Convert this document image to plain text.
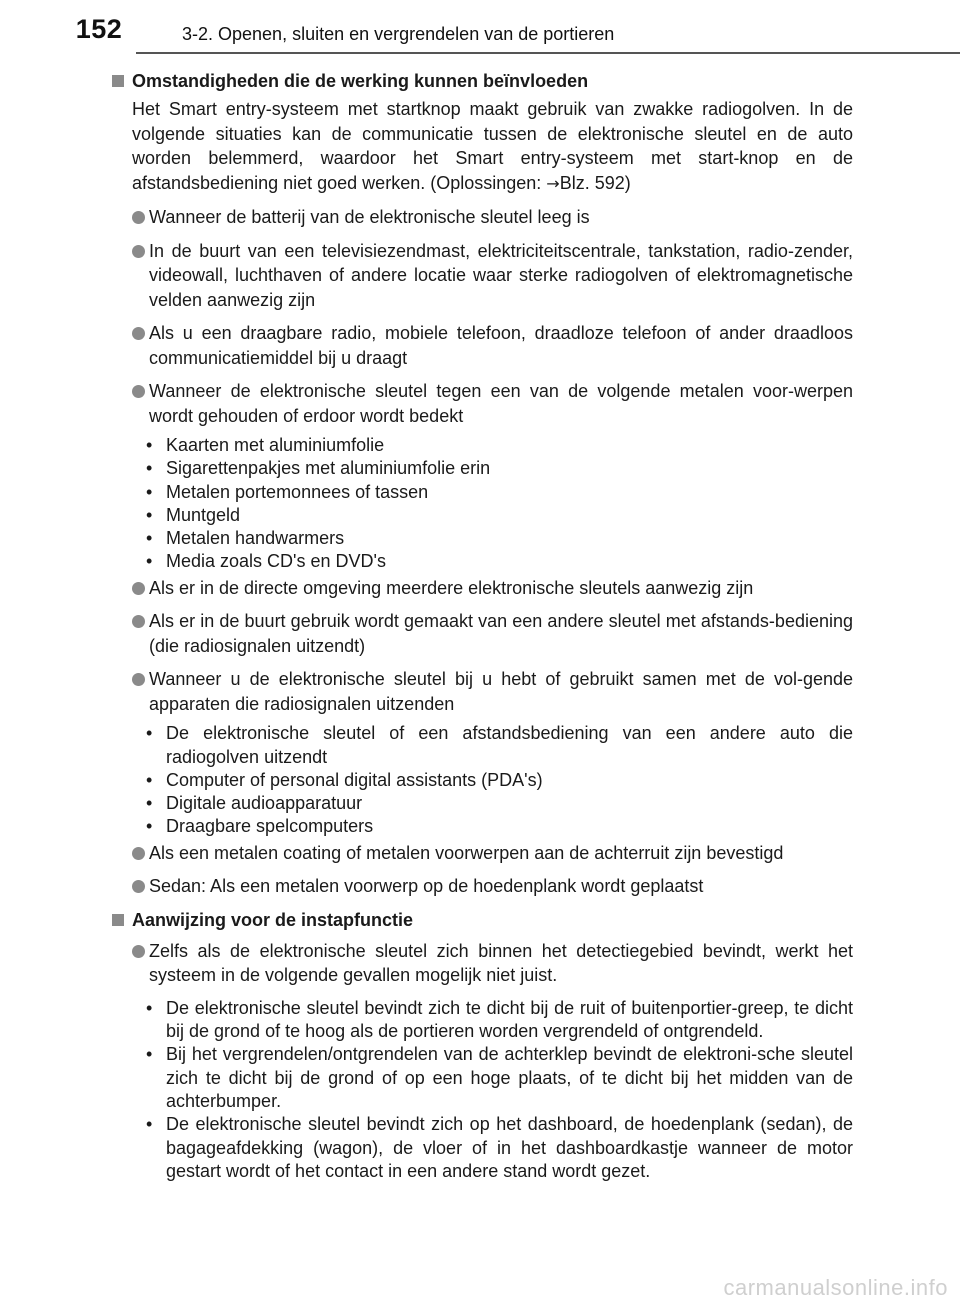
152	3-2. Openen, sluiten en vergrendelen van de portieren
Omstandigheden die de werking kunnen beïnvloeden
Het Smart entry-systeem met startknop maakt gebruik van zwakke radiogolven. In de volgende situaties kan de communicatie tussen de elektronische sleutel en de auto worden belemmerd, waardoor het Smart entry-systeem met start-knop en de afstandsbediening niet goed werken. (Oplossingen: →Blz. 592)
Wanneer de batterij van de elektronische sleutel leeg is
In de buurt van een televisiezendmast, elektriciteitscentrale, tankstation, radio-zender, videowall, luchthaven of andere locatie waar sterke radiogolven of elektromagnetische velden aanwezig zijn
Als u een draagbare radio, mobiele telefoon, draadloze telefoon of ander draadloos communicatiemiddel bij u draagt
Wanneer de elektronische sleutel tegen een van de volgende metalen voor-werpen wordt gehouden of erdoor wordt bedekt
• Kaarten met aluminiumfolie
• Sigarettenpakjes met aluminiumfolie erin
• Metalen portemonnees of tassen
• Muntgeld
• Metalen handwarmers
• Media zoals CD's en DVD's
Als er in de directe omgeving meerdere elektronische sleutels aanwezig zijn
Als er in de buurt gebruik wordt gemaakt van een andere sleutel met afstands-bediening (die radiosignalen uitzendt)
Wanneer u de elektronische sleutel bij u hebt of gebruikt samen met de vol-gende apparaten die radiosignalen uitzenden
• De elektronische sleutel of een afstandsbediening van een andere auto die radiogolven uitzendt
• Computer of personal digital assistants (PDA's)
• Digitale audioapparatuur
• Draagbare spelcomputers
Als een metalen coating of metalen voorwerpen aan de achterruit zijn bevestigd
Sedan: Als een metalen voorwerp op de hoedenplank wordt geplaatst
Aanwijzing voor de instapfunctie
Zelfs als de elektronische sleutel zich binnen het detectiegebied bevindt, werkt het systeem in de volgende gevallen mogelijk niet juist.
• De elektronische sleutel bevindt zich te dicht bij de ruit of buitenportier-greep, te dicht bij de grond of te hoog als de portieren worden vergrendeld of ontgrendeld.
• Bij het vergrendelen/ontgrendelen van de achterklep bevindt de elektroni-sche sleutel zich te dicht bij de grond of op een hoge plaats, of te dicht bij het midden van de achterbumper.
• De elektronische sleutel bevindt zich op het dashboard, de hoedenplank (sedan), de bagageafdekking (wagon), de vloer of in het dashboardkastje wanneer de motor gestart wordt of het contact in een andere stand wordt gezet.
carmanualsonline.info
